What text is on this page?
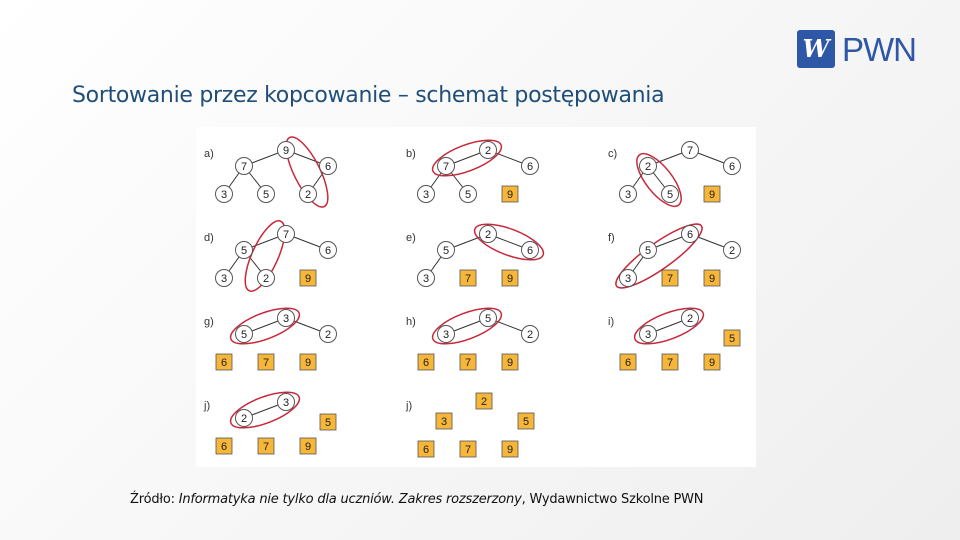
W PWN
Sortowanie przez kopcowanie – schemat postępowania
a)	9
7	6
3	5	2
b)	2
7	6
3	5	9
c)	7
2	6
3	5	9
d)	7
5	6
3	2	9
e)	2
5	6
3	7	9
f)	6
5	2
3	7	9
g)	3
5	2
6	7	9
h)	5
3	2
6	7	9
i)	2
3	5
6	7	9
j)	3
2	5
6	7	9
j)	2
3	5
6	7	9
Źródło: Informatyka nie tylko dla uczniów. Zakres rozszerzony, Wydawnictwo Szkolne PWN
